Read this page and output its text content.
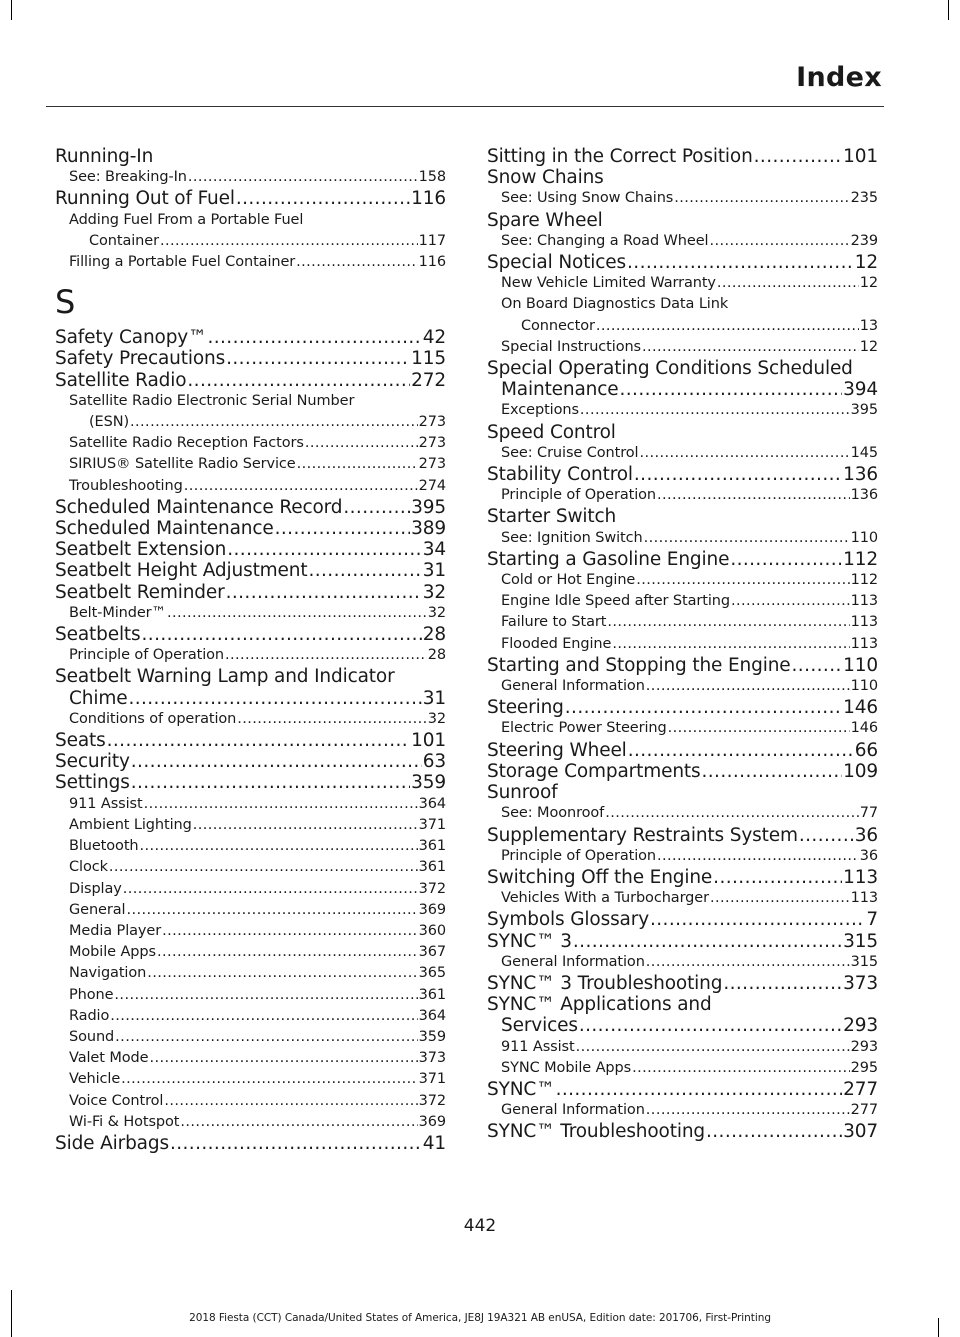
Index
Running-In
See: Breaking-In .....	158
Running Out of Fuel .....	116
Adding Fuel From a Portable Fuel
Container .....	117
Filling a Portable Fuel Container .....	116
S
Safety Canopy™ .....	42
Safety Precautions .....	115
Satellite Radio .....	272
Satellite Radio Electronic Serial Number
(ESN) .....	273
Satellite Radio Reception Factors .....	273
SIRIUS® Satellite Radio Service .....	273
Troubleshooting .....	274
Scheduled Maintenance Record .....	395
Scheduled Maintenance .....	389
Seatbelt Extension .....	34
Seatbelt Height Adjustment .....	31
Seatbelt Reminder .....	32
Belt-Minder™ .....	32
Seatbelts .....	28
Principle of Operation .....	28
Seatbelt Warning Lamp and Indicator
Chime .....	31
Conditions of operation .....	32
Seats .....	101
Security .....	63
Settings .....	359
911 Assist .....	364
Ambient Lighting .....	371
Bluetooth .....	361
Clock .....	361
Display .....	372
General .....	369
Media Player .....	360
Mobile Apps .....	367
Navigation .....	365
Phone .....	361
Radio .....	364
Sound .....	359
Valet Mode .....	373
Vehicle .....	371
Voice Control .....	372
Wi-Fi & Hotspot .....	369
Side Airbags .....	41
Sitting in the Correct Position .....	101
Snow Chains
See: Using Snow Chains .....	235
Spare Wheel
See: Changing a Road Wheel .....	239
Special Notices .....	12
New Vehicle Limited Warranty .....	12
On Board Diagnostics Data Link
Connector .....	13
Special Instructions .....	12
Special Operating Conditions Scheduled
Maintenance .....	394
Exceptions .....	395
Speed Control
See: Cruise Control .....	145
Stability Control .....	136
Principle of Operation .....	136
Starter Switch
See: Ignition Switch .....	110
Starting a Gasoline Engine .....	112
Cold or Hot Engine .....	112
Engine Idle Speed after Starting .....	113
Failure to Start .....	113
Flooded Engine .....	113
Starting and Stopping the Engine .....	110
General Information .....	110
Steering .....	146
Electric Power Steering .....	146
Steering Wheel .....	66
Storage Compartments .....	109
Sunroof
See: Moonroof .....	77
Supplementary Restraints System .....	36
Principle of Operation .....	36
Switching Off the Engine .....	113
Vehicles With a Turbocharger .....	113
Symbols Glossary .....	7
SYNC™ 3 .....	315
General Information .....	315
SYNC™ 3 Troubleshooting .....	373
SYNC™ Applications and
Services .....	293
911 Assist .....	293
SYNC Mobile Apps .....	295
SYNC™ .....	277
General Information .....	277
SYNC™ Troubleshooting .....	307
442
2018 Fiesta (CCT) Canada/United States of America, JE8J 19A321 AB enUSA, Edition date: 201706, First-Printing
